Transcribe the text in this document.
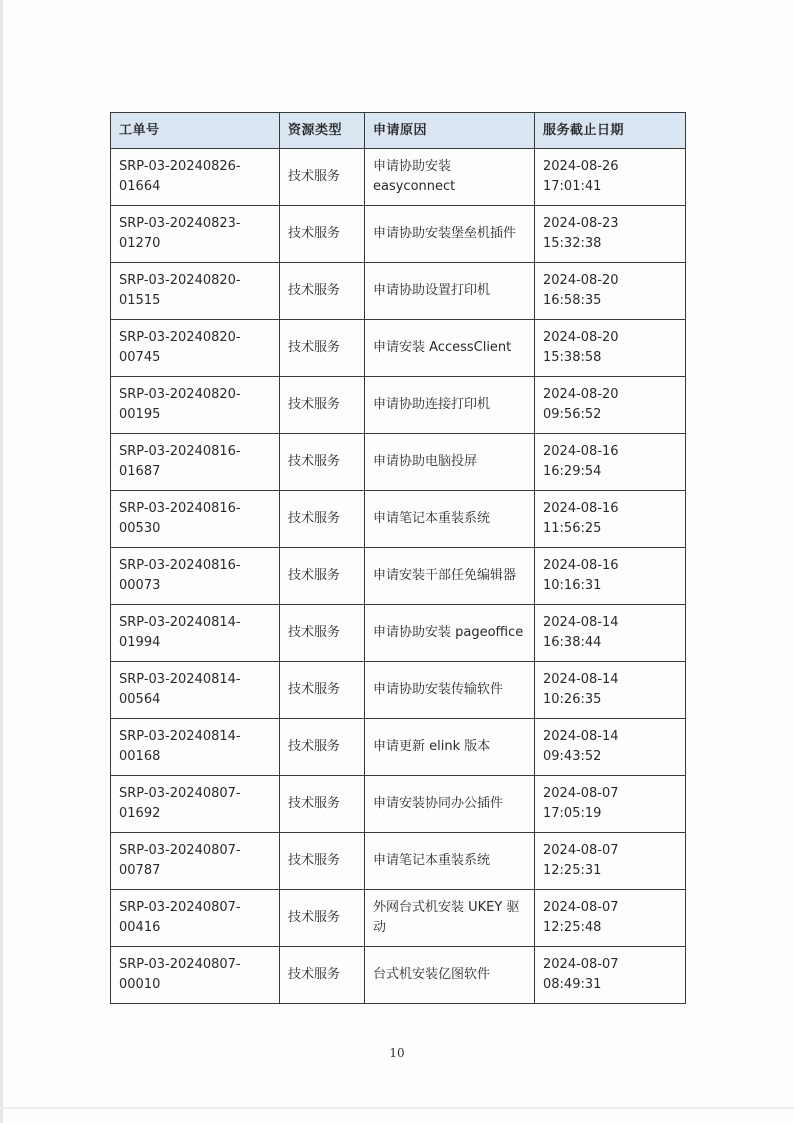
工单号	资源类型	申请原因	服务截止日期
SRP-03-20240826-01664	技术服务	申请协助安装 easyconnect	2024-08-26 17:01:41
SRP-03-20240823-01270	技术服务	申请协助安装堡垒机插件	2024-08-23 15:32:38
SRP-03-20240820-01515	技术服务	申请协助设置打印机	2024-08-20 16:58:35
SRP-03-20240820-00745	技术服务	申请安装 AccessClient	2024-08-20 15:38:58
SRP-03-20240820-00195	技术服务	申请协助连接打印机	2024-08-20 09:56:52
SRP-03-20240816-01687	技术服务	申请协助电脑投屏	2024-08-16 16:29:54
SRP-03-20240816-00530	技术服务	申请笔记本重装系统	2024-08-16 11:56:25
SRP-03-20240816-00073	技术服务	申请安装干部任免编辑器	2024-08-16 10:16:31
SRP-03-20240814-01994	技术服务	申请协助安装 pageoffice	2024-08-14 16:38:44
SRP-03-20240814-00564	技术服务	申请协助安装传输软件	2024-08-14 10:26:35
SRP-03-20240814-00168	技术服务	申请更新 elink 版本	2024-08-14 09:43:52
SRP-03-20240807-01692	技术服务	申请安装协同办公插件	2024-08-07 17:05:19
SRP-03-20240807-00787	技术服务	申请笔记本重装系统	2024-08-07 12:25:31
SRP-03-20240807-00416	技术服务	外网台式机安装 UKEY 驱动	2024-08-07 12:25:48
SRP-03-20240807-00010	技术服务	台式机安装亿图软件	2024-08-07 08:49:31
10
